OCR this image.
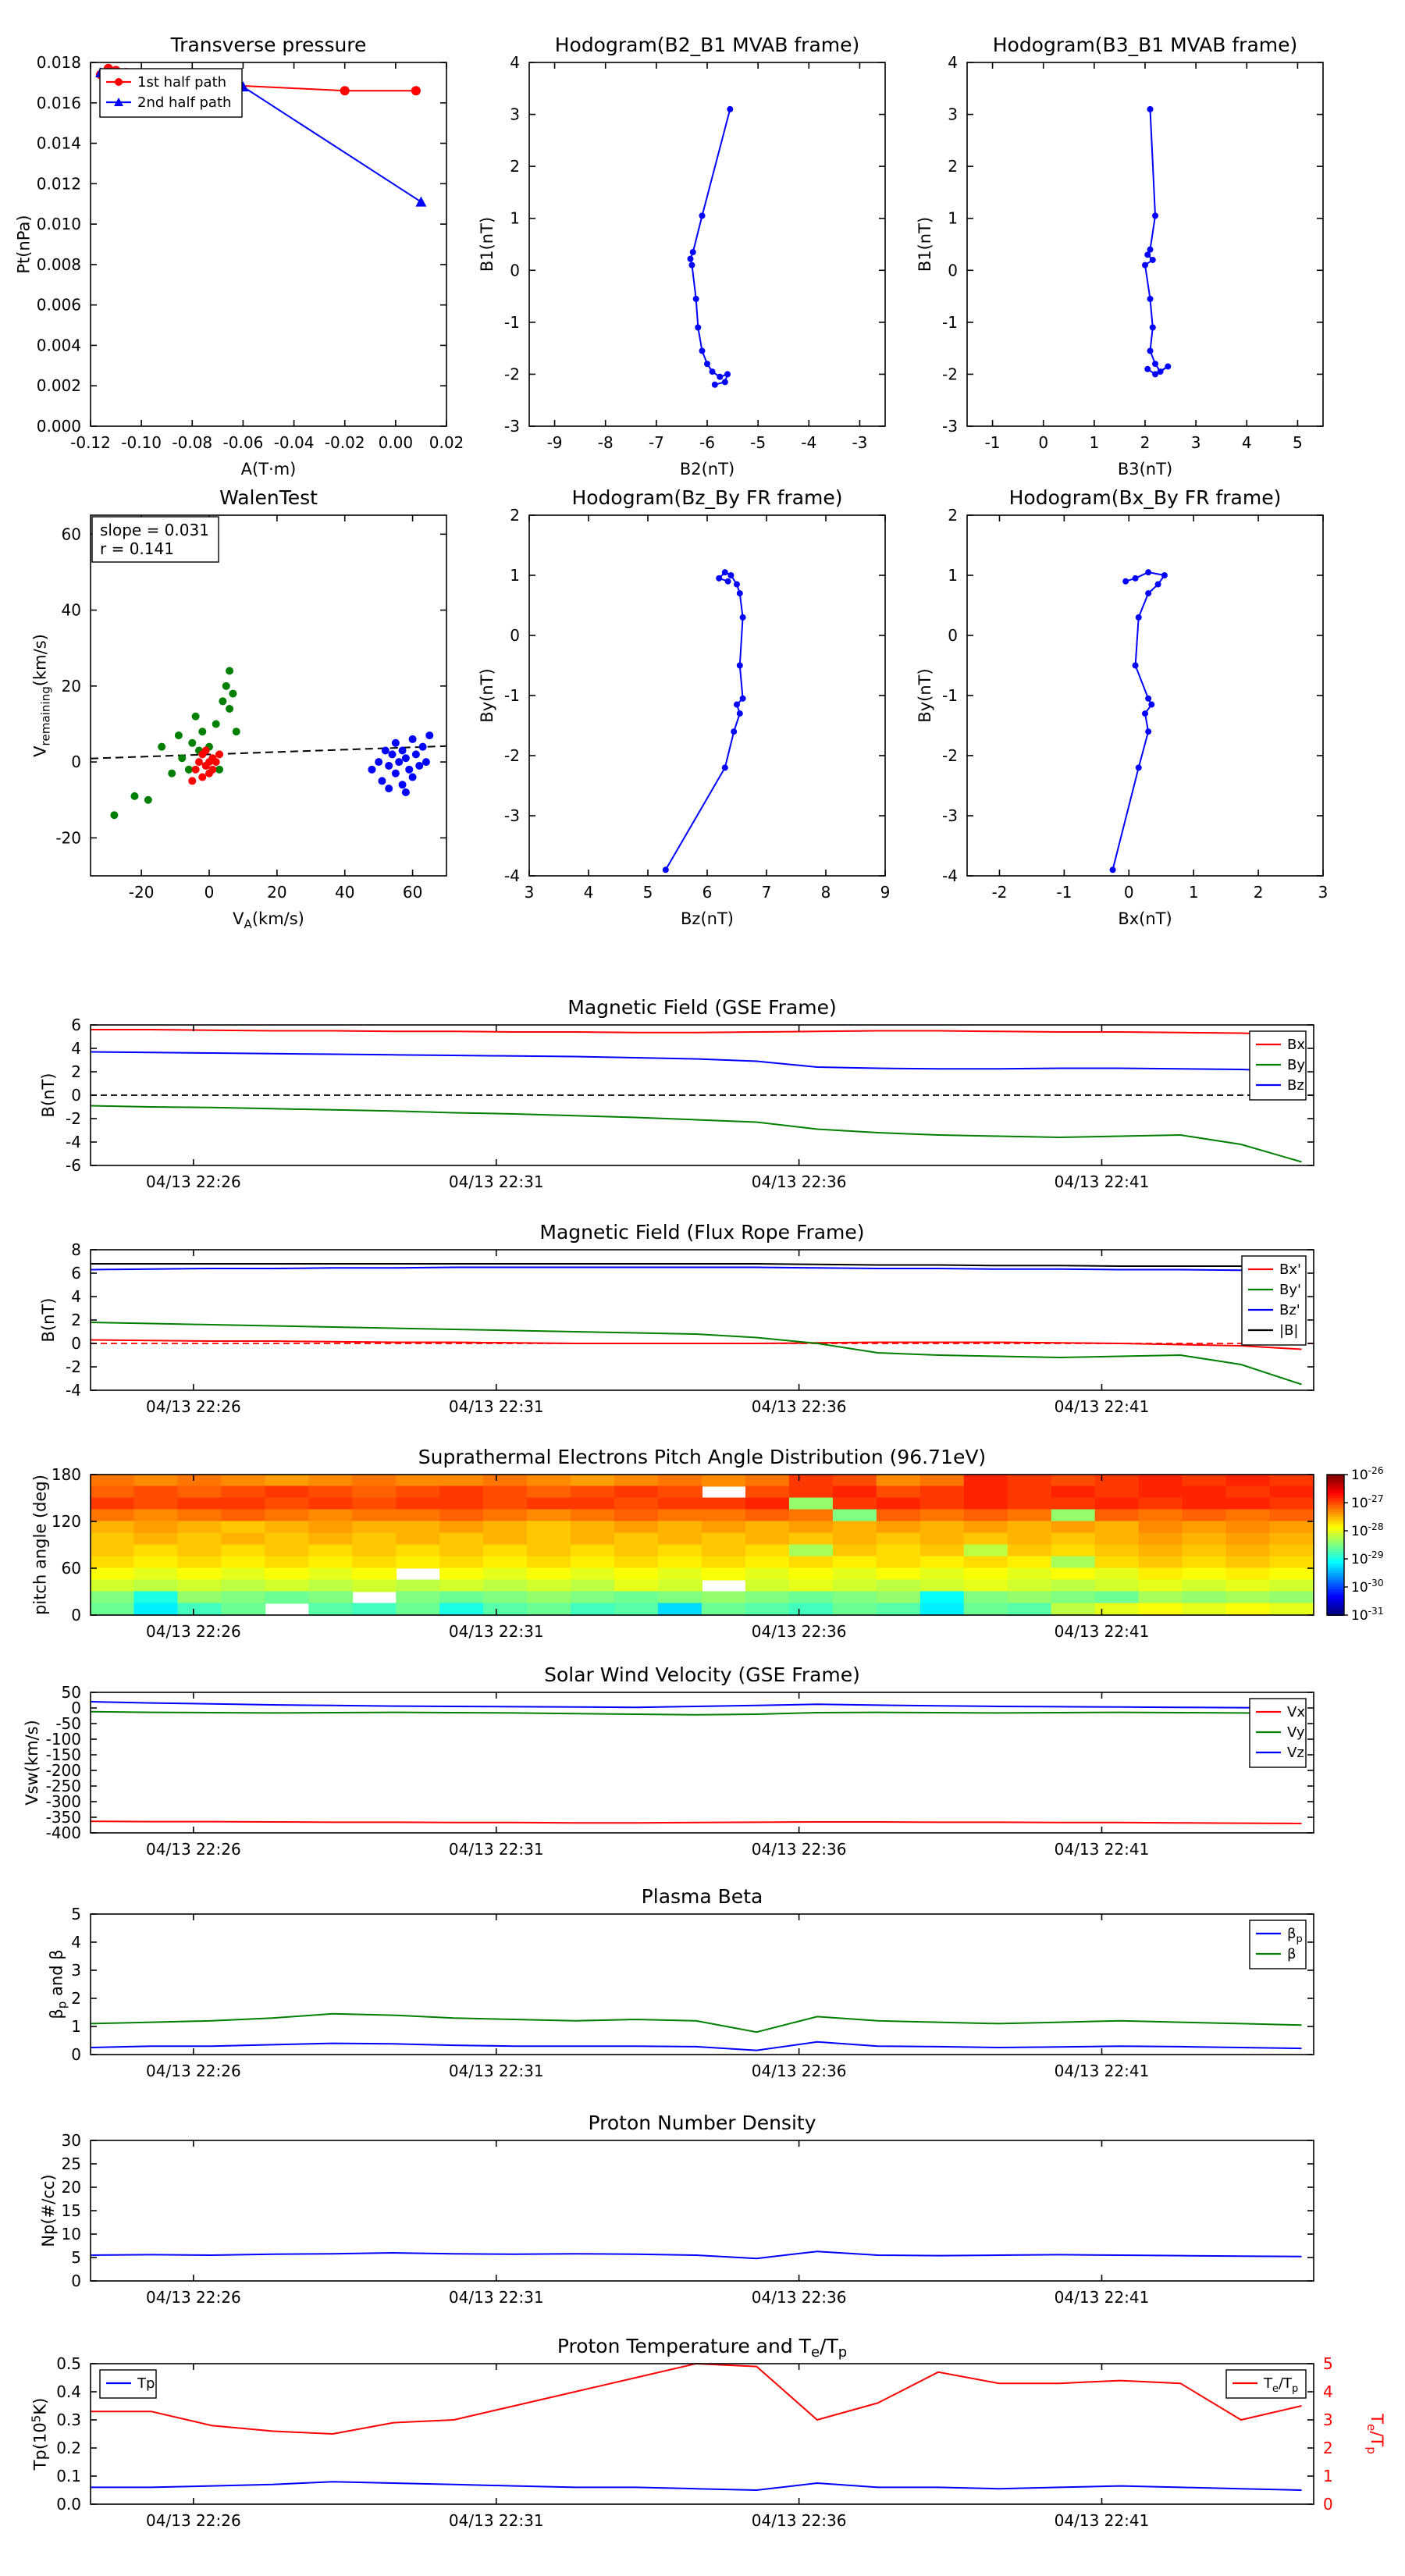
-0.12 -0.10 -0.08 -0.06 -0.04 -0.02 0.00 0.02
0.000
0.002
0.004
0.006
0.008
0.010
0.012
0.014
0.016
0.018
Transverse pressure
A(T·m)
Pt(nPa)
1st half path
2nd half path
-9 -8 -7 -6 -5 -4 -3
-3
-2
-1
0
1
2
3
4
Hodogram(B2_B1 MVAB frame)
B2(nT)
B1(nT)
-1 0	1	2	3	4	5
-3
-2
-1
0
1
2
3
4
Hodogram(B3_B1 MVAB frame)
B3(nT)
B1(nT)
-20	0	20	40	60
-20
0
20
40
60
WalenTest
$V_A(km/s)$
$V_{remaining}(km/s)$
slope = 0.031
r = 0.141
3	4	5	6	7	8	9
-4
-3
-2
-1
0
1
2
Hodogram(Bz_By FR frame)
Bz(nT)
By(nT)
-2	-1	0	1	2	3
-4
-3
-2
-1
0
1
2
Hodogram(Bx_By FR frame)
Bx(nT)
By(nT)
04/13 22:26	04/13 22:31	04/13 22:36	04/13 22:41
-6
-4
-2
0
2
4
6
Magnetic Field (GSE Frame)
B(nT)
Bx
By
Bz
04/13 22:26	04/13 22:31	04/13 22:36	04/13 22:41
-4
-2
0
2
4
6
8
Magnetic Field (Flux Rope Frame)
B(nT)
Bx'
By'
Bz'
|B|
04/13 22:26	04/13 22:31	04/13 22:36	04/13 22:41
0
60
120
180
Suprathermal Electrons Pitch Angle Distribution (96.71eV)
pitch angle (deg)	$10^{-26}$
$10^{-27}$
$10^{-28}$
$10^{-29}$
$10^{-30}$
$10^{-31}$
04/13 22:26	04/13 22:31	04/13 22:36	04/13 22:41
50
0
-50
-100
-150
-200
-250
-300
-350
-400
Solar Wind Velocity (GSE Frame)
Vsw(km/s)
Vx
Vy
Vz
04/13 22:26	04/13 22:31	04/13 22:36	04/13 22:41
0
1
2
3
4
5
Plasma Beta
$\beta_p$ and β
$\beta_p$
β
04/13 22:26	04/13 22:31	04/13 22:36	04/13 22:41
0
5
10
15
20
25
30
Proton Number Density
Np(#/cc)
04/13 22:26	04/13 22:31	04/13 22:36	04/13 22:41
0.0
0.1
0.2
0.3
0.4
0.5
0
1
2
3
4
5
$T_e/T_p$
Proton Temperature and $T_e/T_p$
$Tp(10^5K)$
Tp	$T_e/T_p$
